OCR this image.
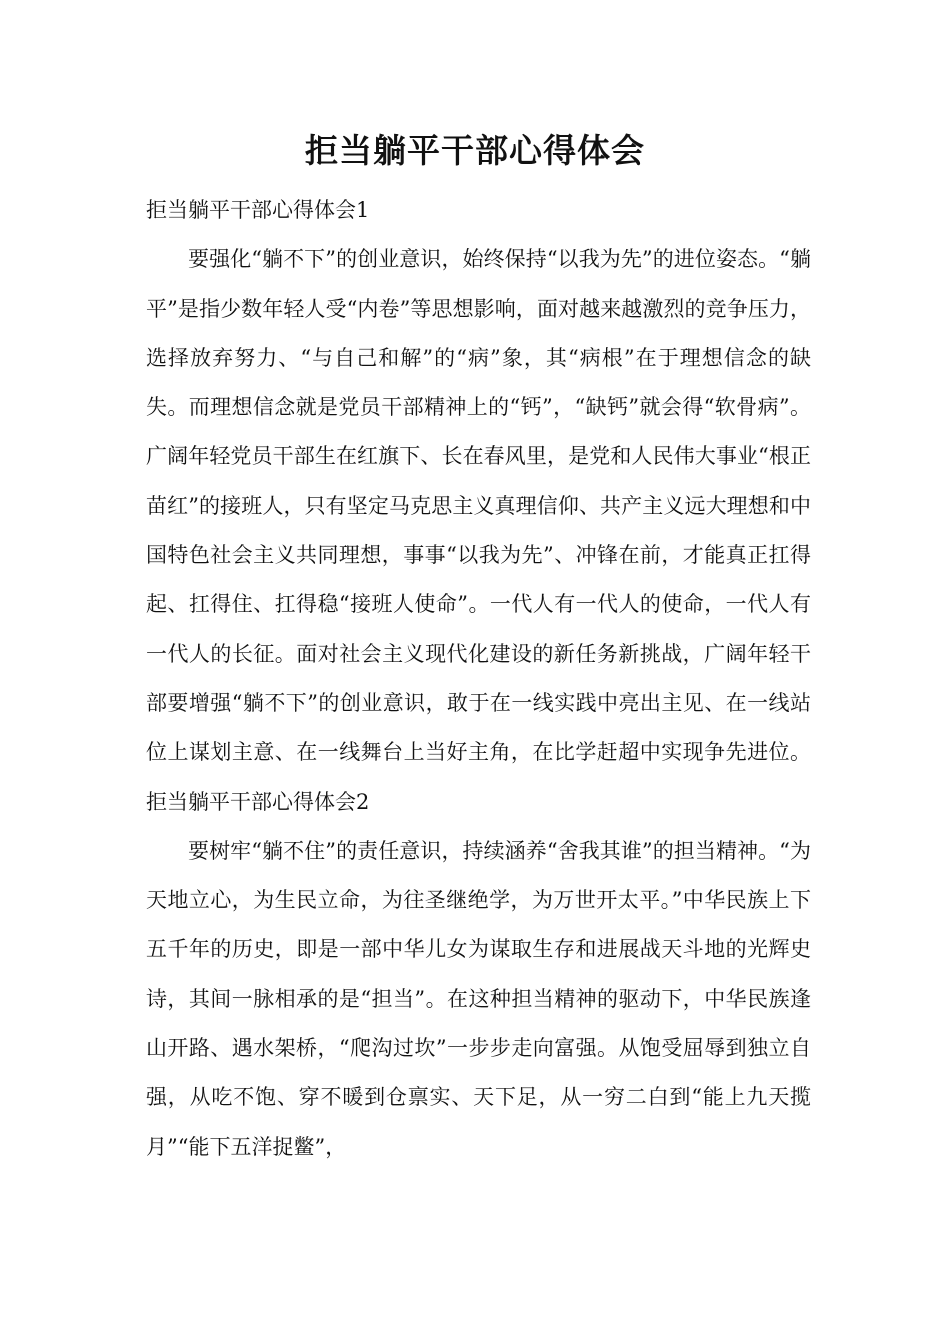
拒当躺平干部心得体会

拒当躺平干部心得体会1

要强化“躺不下”的创业意识，始终保持“以我为先”的进位姿态。“躺平”是指少数年轻人受“内卷”等思想影响，面对越来越激烈的竞争压力，选择放弃努力、“与自己和解”的“病”象，其“病根”在于理想信念的缺失。而理想信念就是党员干部精神上的“钙”，“缺钙”就会得“软骨病”。广阔年轻党员干部生在红旗下、长在春风里，是党和人民伟大事业“根正苗红”的接班人，只有坚定马克思主义真理信仰、共产主义远大理想和中国特色社会主义共同理想，事事“以我为先”、冲锋在前，才能真正扛得起、扛得住、扛得稳“接班人使命”。一代人有一代人的使命，一代人有一代人的长征。面对社会主义现代化建设的新任务新挑战，广阔年轻干部要增强“躺不下”的创业意识，敢于在一线实践中亮出主见、在一线站位上谋划主意、在一线舞台上当好主角，在比学赶超中实现争先进位。拒当躺平干部心得体会2

要树牢“躺不住”的责任意识，持续涵养“舍我其谁”的担当精神。“为天地立心，为生民立命，为往圣继绝学，为万世开太平。”中华民族上下五千年的历史，即是一部中华儿女为谋取生存和进展战天斗地的光辉史诗，其间一脉相承的是“担当”。在这种担当精神的驱动下，中华民族逢山开路、遇水架桥，“爬沟过坎”一步步走向富强。从饱受屈辱到独立自强，从吃不饱、穿不暖到仓禀实、天下足，从一穷二白到“能上九天揽月”“能下五洋捉鳖”，
